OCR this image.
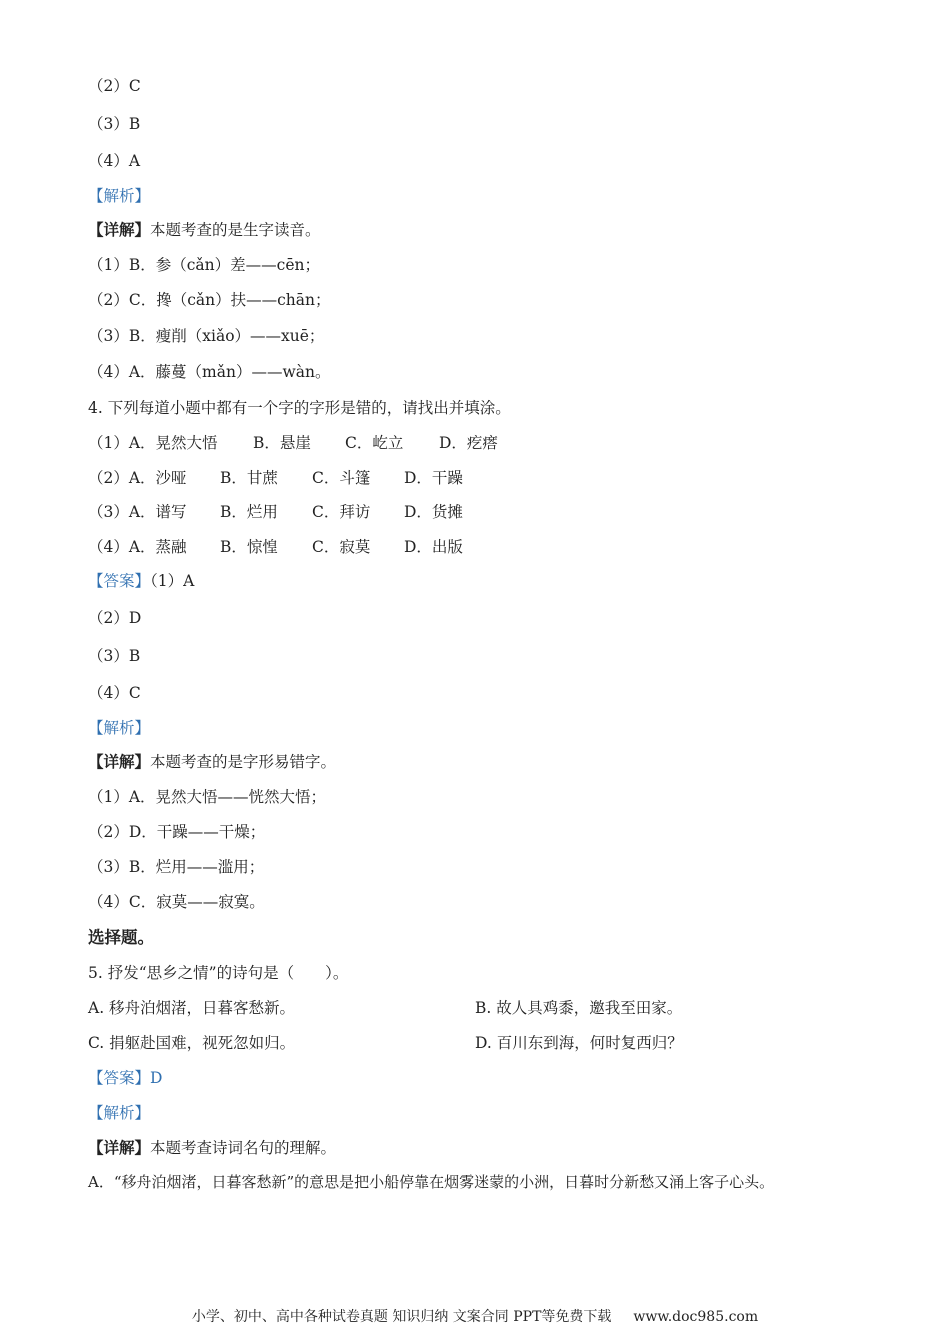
（2）C
（3）B
（4）A
【解析】
【详解】本题考查的是生字读音。
（1）B．参（cǎn）差——cēn；
（2）C．搀（cǎn）扶——chān；
（3）B．瘦削（xiǎo）——xuē；
（4）A．藤蔓（mǎn）——wàn。
4. 下列每道小题中都有一个字的字形是错的，请找出并填涂。
（1）A．晃然大悟 B．悬崖 C．屹立 D．疙瘩
（2）A．沙哑 B．甘蔗 C．斗篷 D．干躁
（3）A．谱写 B．烂用 C．拜访 D．货摊
（4）A．蒸融 B．惊惶 C．寂莫 D．出版
【答案】（1）A
（2）D
（3）B
（4）C
【解析】
【详解】本题考查的是字形易错字。
（1）A．晃然大悟——恍然大悟；
（2）D．干躁——干燥；
（3）B．烂用——滥用；
（4）C．寂莫——寂寞。
选择题。
5. 抒发“思乡之情”的诗句是（　　）。
A. 移舟泊烟渚，日暮客愁新。	B. 故人具鸡黍，邀我至田家。
C. 捐躯赴国难，视死忽如归。	D. 百川东到海，何时复西归？
【答案】D
【解析】
【详解】本题考查诗词名句的理解。
A．“移舟泊烟渚，日暮客愁新”的意思是把小船停靠在烟雾迷蒙的小洲，日暮时分新愁又涌上客子心头。
小学、初中、高中各种试卷真题 知识归纳 文案合同 PPT等免费下载 www.doc985.com
